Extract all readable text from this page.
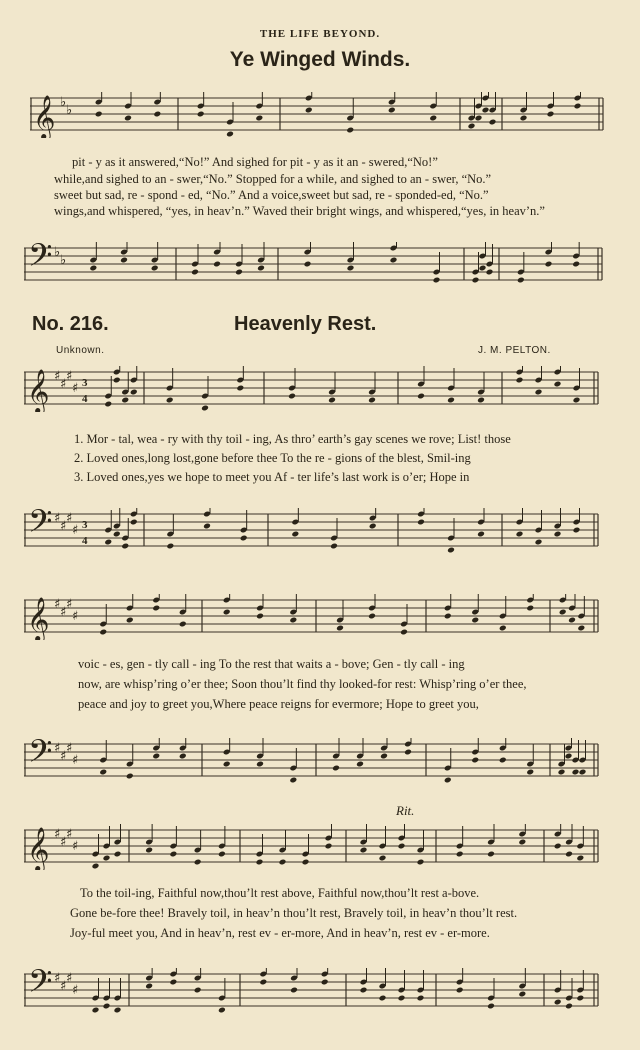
THE LIFE BEYOND.
Ye Winged Winds.
𝄞 ♭
♭
pit - y as it answered,“No!” And sighed for pit - y as it an - swered,“No!”
while,and sighed to an - swer,“No.” Stopped for a while, and sighed to an - swer, “No.”
sweet but sad, re - spond - ed, “No.” And a voice,sweet but sad, re - sponded-ed, “No.”
wings,and whispered, “yes, in heav’n.” Waved their bright wings, and whispered,“yes, in heav’n.”
𝄢 ♭
♭
No. 216.	Heavenly Rest.
Unknown.	J. M. PELTON.
𝄞 ♯
♯
♯
♯ 3
4
1. Mor - tal, wea - ry with thy toil - ing, As thro’ earth’s gay scenes we rove; List! those
2. Loved ones,long lost,gone before thee To the re - gions of the blest, Smil-ing
3. Loved ones,yes we hope to meet you Af - ter life’s last work is o’er; Hope in
𝄢 ♯
♯
♯
♯ 3
4
𝄞 ♯
♯
♯
♯
voic - es, gen - tly call - ing To the rest that waits a - bove; Gen - tly call - ing
now, are whisp’ring o’er thee; Soon thou’lt find thy looked-for rest: Whisp’ring o’er thee,
peace and joy to greet you,Where peace reigns for evermore; Hope to greet you,
𝄢 ♯
♯
♯
♯
Rit.
𝄞 ♯
♯
♯
♯
To the toil-ing, Faithful now,thou’lt rest above, Faithful now,thou’lt rest a-bove.
Gone be-fore thee! Bravely toil, in heav’n thou’lt rest, Bravely toil, in heav’n thou’lt rest.
Joy-ful meet you, And in heav’n, rest ev - er-more, And in heav’n, rest ev - er-more.
𝄢 ♯
♯
♯
♯
